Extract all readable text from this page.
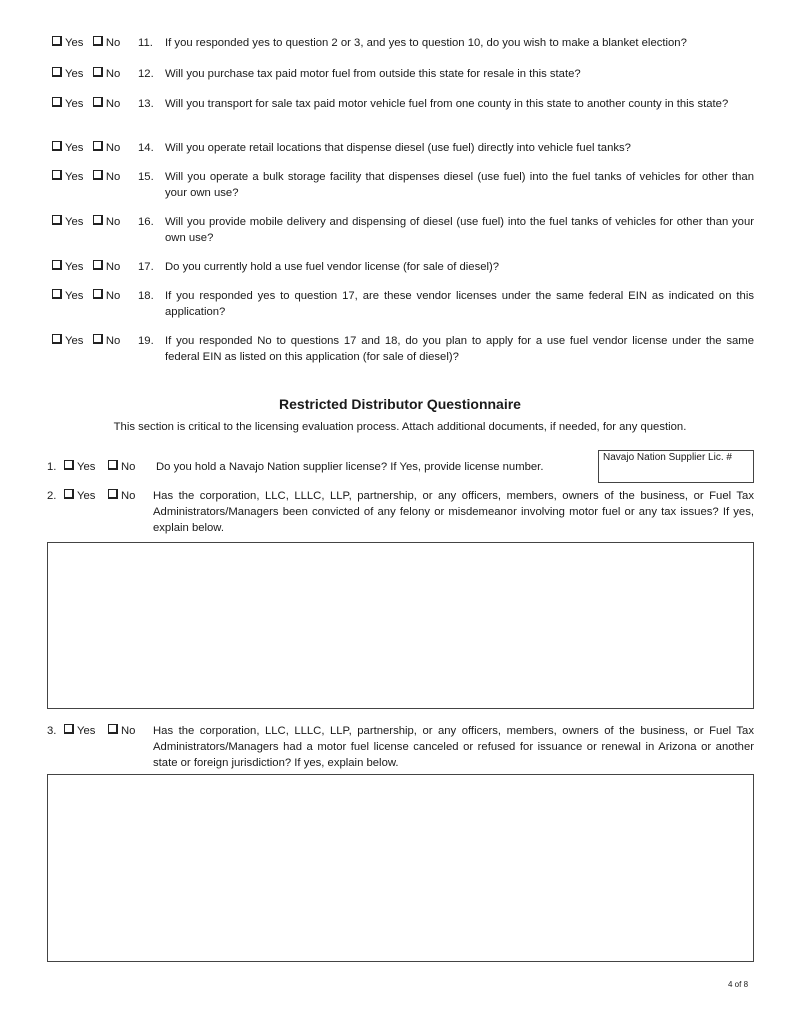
Yes No 11. If you responded yes to question 2 or 3, and yes to question 10, do you wish to make a blanket election?
Yes No 12. Will you purchase tax paid motor fuel from outside this state for resale in this state?
Yes No 13. Will you transport for sale tax paid motor vehicle fuel from one county in this state to another county in this state?
Yes No 14. Will you operate retail locations that dispense diesel (use fuel) directly into vehicle fuel tanks?
Yes No 15. Will you operate a bulk storage facility that dispenses diesel (use fuel) into the fuel tanks of vehicles for other than your own use?
Yes No 16. Will you provide mobile delivery and dispensing of diesel (use fuel) into the fuel tanks of vehicles for other than your own use?
Yes No 17. Do you currently hold a use fuel vendor license (for sale of diesel)?
Yes No 18. If you responded yes to question 17, are these vendor licenses under the same federal EIN as indicated on this application?
Yes No 19. If you responded No to questions 17 and 18, do you plan to apply for a use fuel vendor license under the same federal EIN as listed on this application (for sale of diesel)?
Restricted Distributor Questionnaire
This section is critical to the licensing evaluation process. Attach additional documents, if needed, for any question.
1.	Yes	No Do you hold a Navajo Nation supplier license? If Yes, provide license number.
Navajo Nation Supplier Lic. #
2.	Yes	No Has the corporation, LLC, LLLC, LLP, partnership, or any officers, members, owners of the business, or Fuel Tax Administrators/Managers been convicted of any felony or misdemeanor involving motor fuel or any tax issues? If yes, explain below.
3.	Yes	No Has the corporation, LLC, LLLC, LLP, partnership, or any officers, members, owners of the business, or Fuel Tax Administrators/Managers had a motor fuel license canceled or refused for issuance or renewal in Arizona or another state or foreign jurisdiction? If yes, explain below.
4 of 8
